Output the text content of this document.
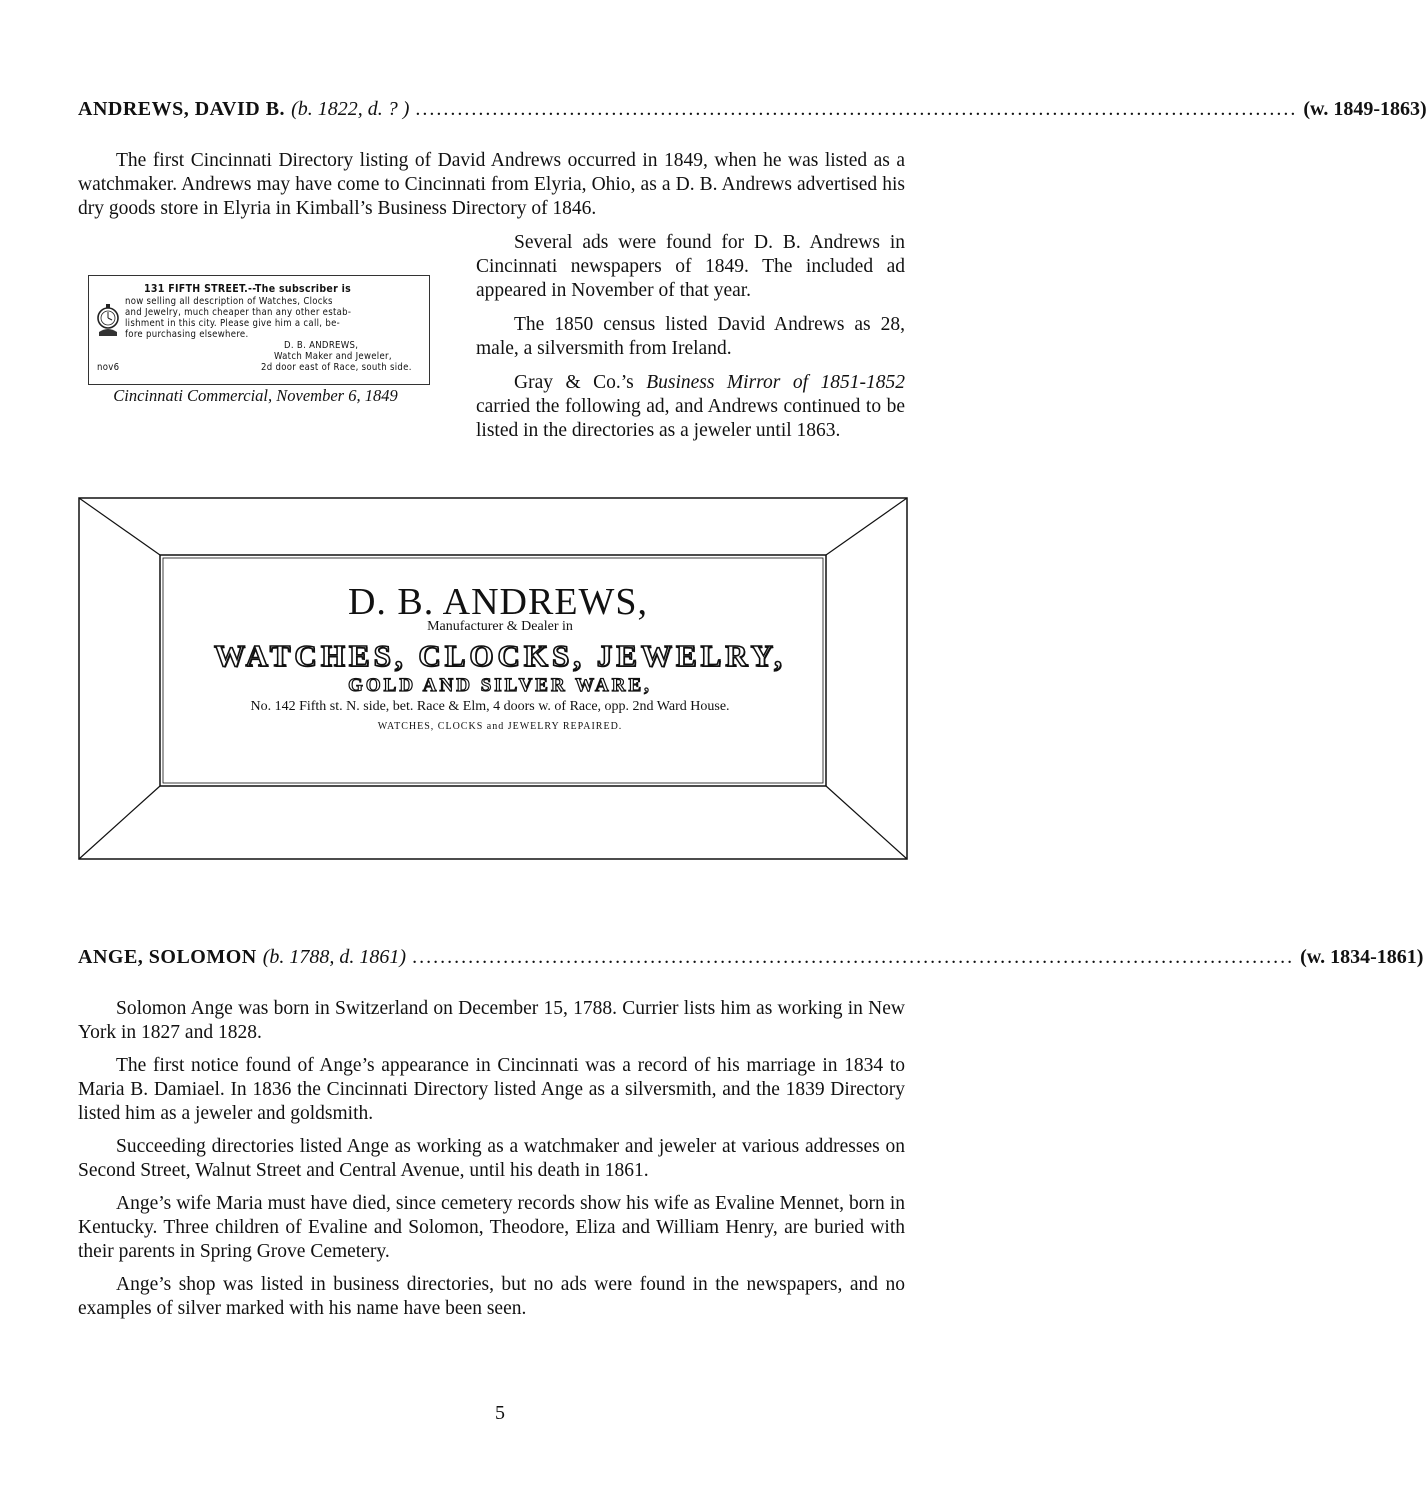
ANDREWS, DAVID B. (b. 1822, d. ? ) .............................................................................................................................. (w. 1849-1863)
The first Cincinnati Directory listing of David Andrews occurred in 1849, when he was listed as a watchmaker. Andrews may have come to Cincinnati from Elyria, Ohio, as a D. B. Andrews advertised his dry goods store in Elyria in Kimball’s Business Directory of 1846.
131 FIFTH STREET.--The subscriber is
now selling all description of Watches, Clocks
and Jewelry, much cheaper than any other estab-
lishment in this city. Please give him a call, be-
fore purchasing elsewhere.
D. B. ANDREWS,
Watch Maker and Jeweler,
nov6	2d door east of Race, south side.
Cincinnati Commercial, November 6, 1849
Several ads were found for D. B. Andrews in Cincinnati newspapers of 1849. The included ad appeared in November of that year.
The 1850 census listed David Andrews as 28, male, a silversmith from Ireland.
Gray & Co.’s Business Mirror of 1851-1852 carried the following ad, and Andrews continued to be listed in the directories as a jeweler until 1863.
D. B. ANDREWS,
Manufacturer & Dealer in
WATCHES, CLOCKS, JEWELRY,
GOLD AND SILVER WARE,
No. 142 Fifth st. N. side, bet. Race & Elm, 4 doors w. of Race, opp. 2nd Ward House.
WATCHES, CLOCKS and JEWELRY REPAIRED.
ANGE, SOLOMON (b. 1788, d. 1861) .............................................................................................................................. (w. 1834-1861)
Solomon Ange was born in Switzerland on December 15, 1788. Currier lists him as working in New York in 1827 and 1828.
The first notice found of Ange’s appearance in Cincinnati was a record of his marriage in 1834 to Maria B. Damiael. In 1836 the Cincinnati Directory listed Ange as a silversmith, and the 1839 Directory listed him as a jeweler and goldsmith.
Succeeding directories listed Ange as working as a watchmaker and jeweler at various addresses on Second Street, Walnut Street and Central Avenue, until his death in 1861.
Ange’s wife Maria must have died, since cemetery records show his wife as Evaline Mennet, born in Kentucky. Three children of Evaline and Solomon, Theodore, Eliza and William Henry, are buried with their parents in Spring Grove Cemetery.
Ange’s shop was listed in business directories, but no ads were found in the newspapers, and no examples of silver marked with his name have been seen.
5
